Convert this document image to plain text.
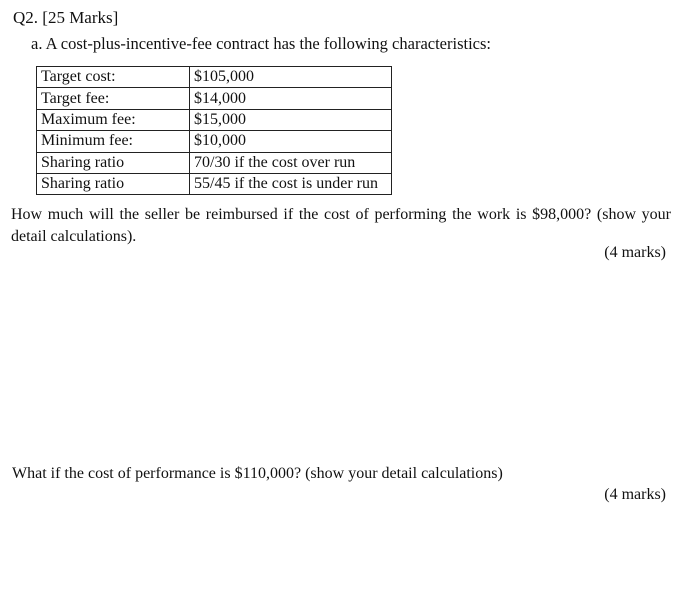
Q2. [25 Marks]
a. A cost-plus-incentive-fee contract has the following characteristics:
Target cost:	$105,000
Target fee:	$14,000
Maximum fee:	$15,000
Minimum fee:	$10,000
Sharing ratio	70/30 if the cost over run
Sharing ratio	55/45 if the cost is under run
How much will the seller be reimbursed if the cost of performing the work is $98,000? (show your detail calculations).
(4 marks)
What if the cost of performance is $110,000? (show your detail calculations)
(4 marks)
